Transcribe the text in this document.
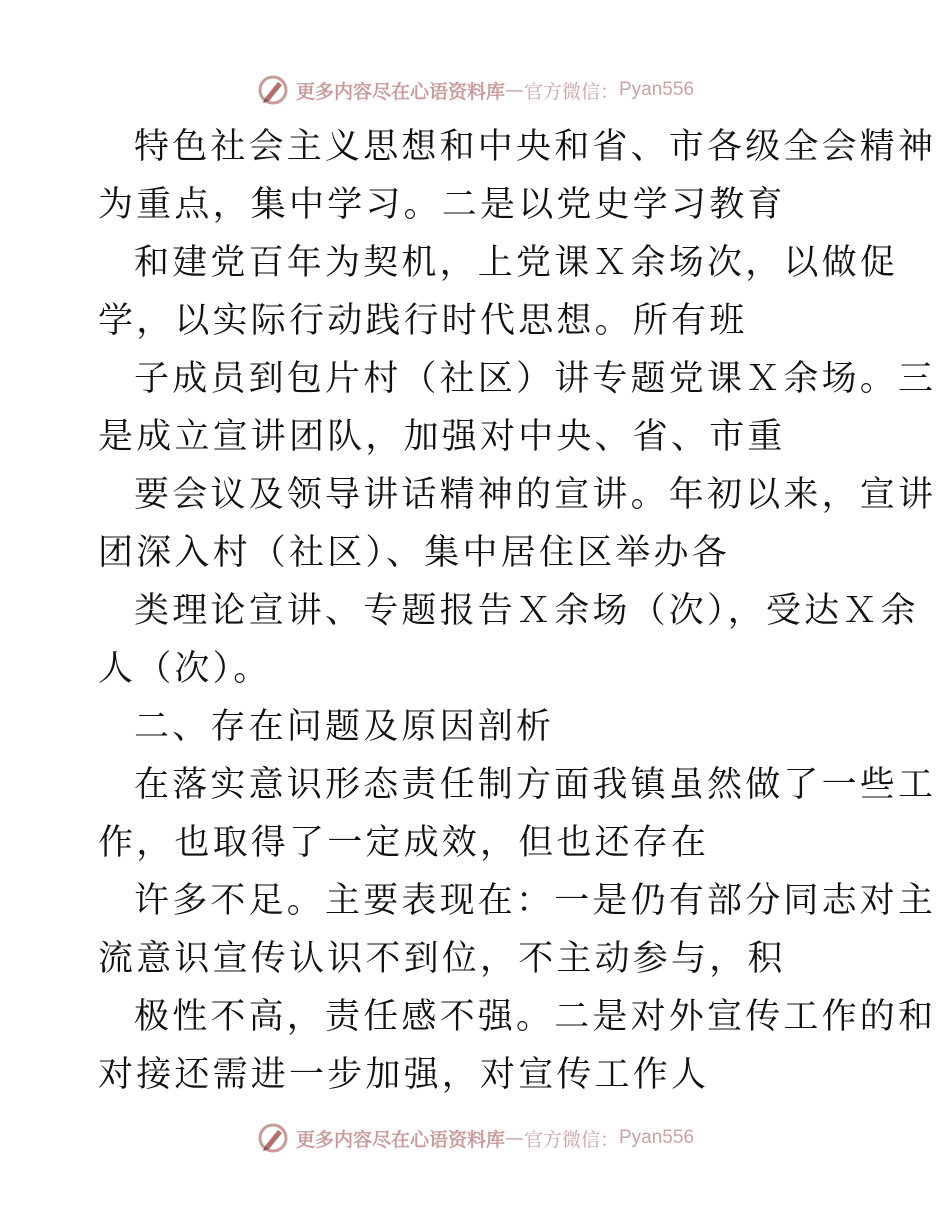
更多内容尽在心语资料库 — 官方微信： Pyan556
特色社会主义思想和中央和省、市各级全会精神
为重点，集中学习。二是以党史学习教育
和建党百年为契机，上党课Ｘ余场次，以做促
学，以实际行动践行时代思想。所有班
子成员到包片村（社区）讲专题党课Ｘ余场。三
是成立宣讲团队，加强对中央、省、市重
要会议及领导讲话精神的宣讲。年初以来，宣讲
团深入村（社区）、集中居住区举办各
类理论宣讲、专题报告Ｘ余场（次），受达Ｘ余
人（次）。
二、存在问题及原因剖析
在落实意识形态责任制方面我镇虽然做了一些工
作，也取得了一定成效，但也还存在
许多不足。主要表现在：一是仍有部分同志对主
流意识宣传认识不到位，不主动参与，积
极性不高，责任感不强。二是对外宣传工作的和
对接还需进一步加强，对宣传工作人
更多内容尽在心语资料库 — 官方微信： Pyan556
